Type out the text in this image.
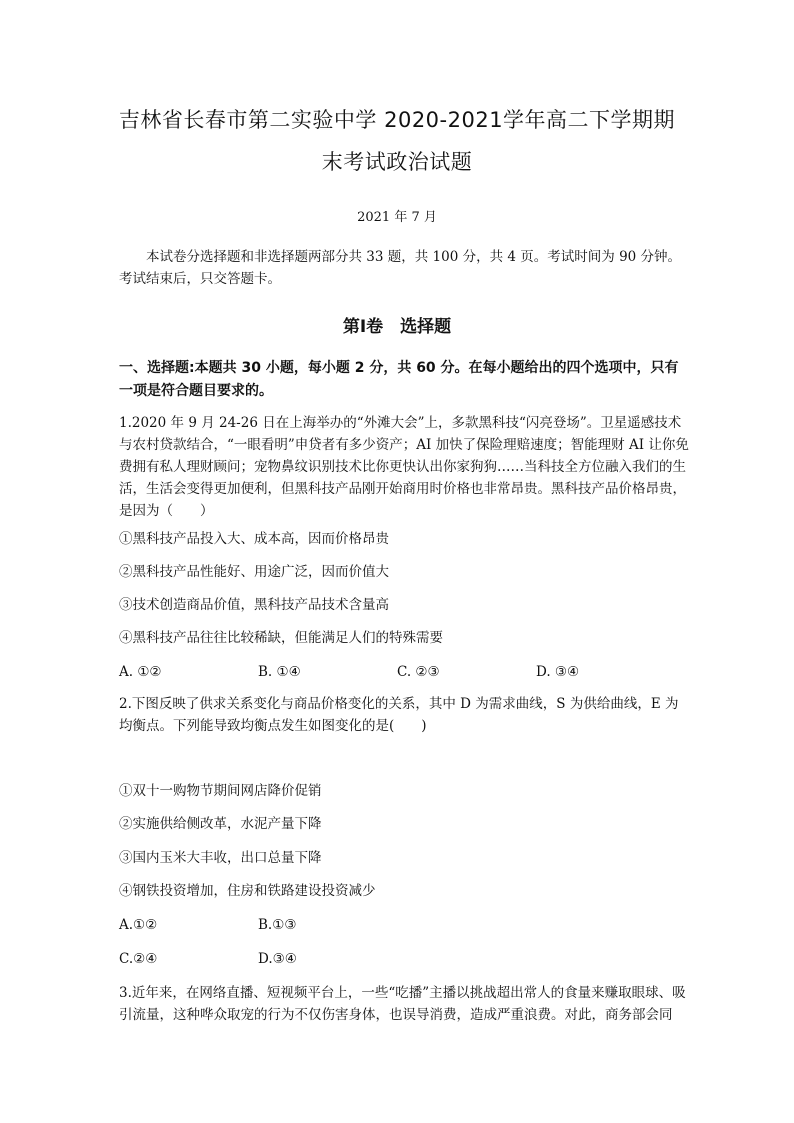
吉林省长春市第二实验中学 2020-2021学年高二下学期期
末考试政治试题
2021 年 7 月
本试卷分选择题和非选择题两部分共 33 题，共 100 分，共 4 页。考试时间为 90 分钟。考试结束后，只交答题卡。
第Ⅰ卷　选择题
一、选择题:本题共 30 小题，每小题 2 分，共 60 分。在每小题给出的四个选项中，只有一项是符合题目要求的。
1.2020 年 9 月 24-26 日在上海举办的“外滩大会”上，多款黑科技“闪亮登场”。卫星遥感技术与农村贷款结合，“一眼看明”申贷者有多少资产；AI 加快了保险理赔速度；智能理财 AI 让你免费拥有私人理财顾问；宠物鼻纹识别技术比你更快认出你家狗狗……当科技全方位融入我们的生活，生活会变得更加便利，但黑科技产品刚开始商用时价格也非常昂贵。黑科技产品价格昂贵，是因为（　　）
①黑科技产品投入大、成本高，因而价格昂贵
②黑科技产品性能好、用途广泛，因而价值大
③技术创造商品价值，黑科技产品技术含量高
④黑科技产品往往比较稀缺，但能满足人们的特殊需要
A. ①②	B. ①④	C. ②③	D. ③④
2.下图反映了供求关系变化与商品价格变化的关系，其中 D 为需求曲线，S 为供给曲线，E 为均衡点。下列能导致均衡点发生如图变化的是(　　)
①双十一购物节期间网店降价促销
②实施供给侧改革，水泥产量下降
③国内玉米大丰收，出口总量下降
④钢铁投资增加，住房和铁路建设投资减少
A.①②	B.①③
C.②④	D.③④
3.近年来，在网络直播、短视频平台上，一些“吃播”主播以挑战超出常人的食量来赚取眼球、吸引流量，这种哗众取宠的行为不仅伤害身体，也误导消费，造成严重浪费。对此，商务部会同
